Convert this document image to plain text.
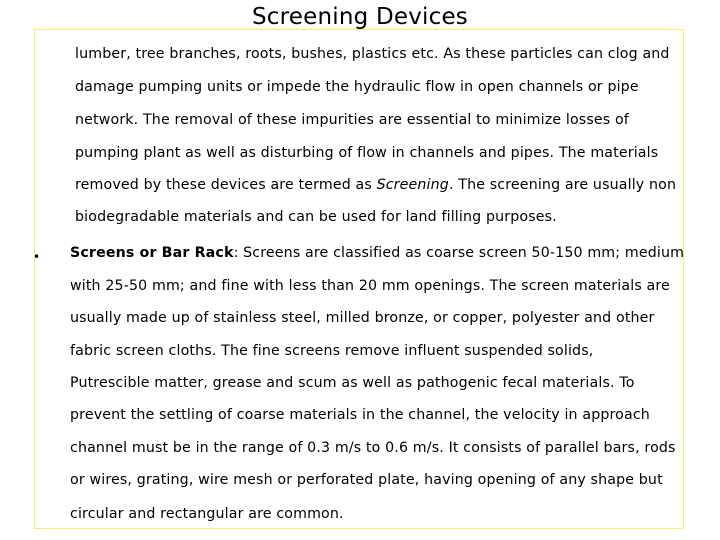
Screening Devices
lumber, tree branches, roots, bushes, plastics etc. As these particles can clog and
damage pumping units or impede the hydraulic flow in open channels or pipe
network. The removal of these impurities are essential to minimize losses of
pumping plant as well as disturbing of flow in channels and pipes. The materials
removed by these devices are termed as Screening. The screening are usually non
biodegradable materials and can be used for land filling purposes.
• Screens or Bar Rack: Screens are classified as coarse screen 50-150 mm; medium
with 25-50 mm; and fine with less than 20 mm openings. The screen materials are
usually made up of stainless steel, milled bronze, or copper, polyester and other
fabric screen cloths. The fine screens remove influent suspended solids,
Putrescible matter, grease and scum as well as pathogenic fecal materials. To
prevent the settling of coarse materials in the channel, the velocity in approach
channel must be in the range of 0.3 m/s to 0.6 m/s. It consists of parallel bars, rods
or wires, grating, wire mesh or perforated plate, having opening of any shape but
circular and rectangular are common.
